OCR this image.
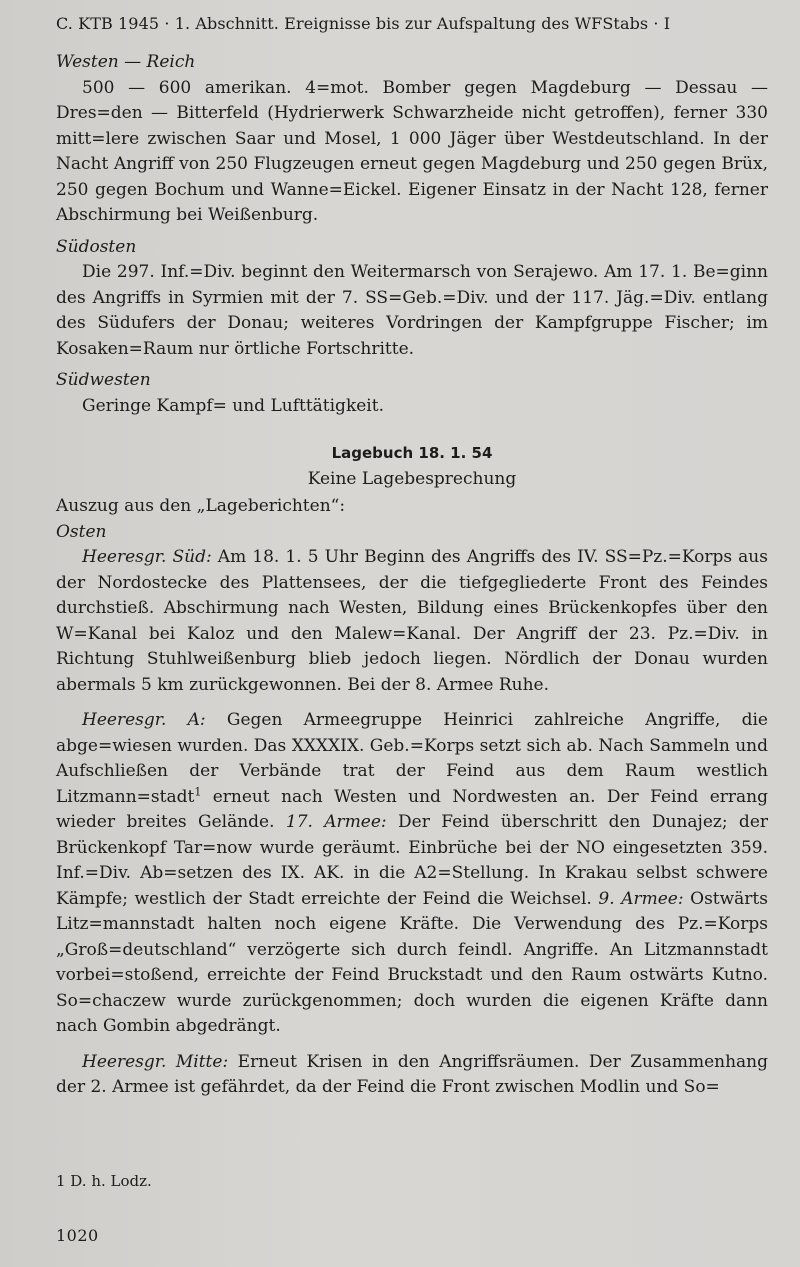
C. KTB 1945 · 1. Abschnitt. Ereignisse bis zur Aufspaltung des WFStabs · I
Westen — Reich

500 — 600 amerikan. 4=mot. Bomber gegen Magdeburg — Dessau — Dres=den — Bitterfeld (Hydrierwerk Schwarzheide nicht getroffen), ferner 330 mitt=lere zwischen Saar und Mosel, 1 000 Jäger über Westdeutschland. In der Nacht Angriff von 250 Flugzeugen erneut gegen Magdeburg und 250 gegen Brüx, 250 gegen Bochum und Wanne=Eickel. Eigener Einsatz in der Nacht 128, ferner Abschirmung bei Weißenburg.

Südosten

Die 297. Inf.=Div. beginnt den Weitermarsch von Serajewo. Am 17. 1. Be=ginn des Angriffs in Syrmien mit der 7. SS=Geb.=Div. und der 117. Jäg.=Div. entlang des Südufers der Donau; weiteres Vordringen der Kampfgruppe Fischer; im Kosaken=Raum nur örtliche Fortschritte.

Südwesten

Geringe Kampf= und Lufttätigkeit.

Lagebuch 18. 1. 54
Keine Lagebesprechung

Auszug aus den „Lageberichten“:

Osten

Heeresgr. Süd: Am 18. 1. 5 Uhr Beginn des Angriffs des IV. SS=Pz.=Korps aus der Nordostecke des Plattensees, der die tiefgegliederte Front des Feindes durchstieß. Abschirmung nach Westen, Bildung eines Brückenkopfes über den W=Kanal bei Kaloz und den Malew=Kanal. Der Angriff der 23. Pz.=Div. in Richtung Stuhlweißenburg blieb jedoch liegen. Nördlich der Donau wurden abermals 5 km zurückgewonnen. Bei der 8. Armee Ruhe.

Heeresgr. A: Gegen Armeegruppe Heinrici zahlreiche Angriffe, die abge=wiesen wurden. Das XXXXIX. Geb.=Korps setzt sich ab. Nach Sammeln und Aufschließen der Verbände trat der Feind aus dem Raum westlich Litzmann=stadt$^1$ erneut nach Westen und Nordwesten an. Der Feind errang wieder breites Gelände. 17. Armee: Der Feind überschritt den Dunajez; der Brückenkopf Tar=now wurde geräumt. Einbrüche bei der NO eingesetzten 359. Inf.=Div. Ab=setzen des IX. AK. in die A2=Stellung. In Krakau selbst schwere Kämpfe; westlich der Stadt erreichte der Feind die Weichsel. 9. Armee: Ostwärts Litz=mannstadt halten noch eigene Kräfte. Die Verwendung des Pz.=Korps „Groß=deutschland“ verzögerte sich durch feindl. Angriffe. An Litzmannstadt vorbei=stoßend, erreichte der Feind Bruckstadt und den Raum ostwärts Kutno. So=chaczew wurde zurückgenommen; doch wurden die eigenen Kräfte dann nach Gombin abgedrängt.

Heeresgr. Mitte: Erneut Krisen in den Angriffsräumen. Der Zusammenhang der 2. Armee ist gefährdet, da der Feind die Front zwischen Modlin und So=

1 D. h. Lodz.
1020
